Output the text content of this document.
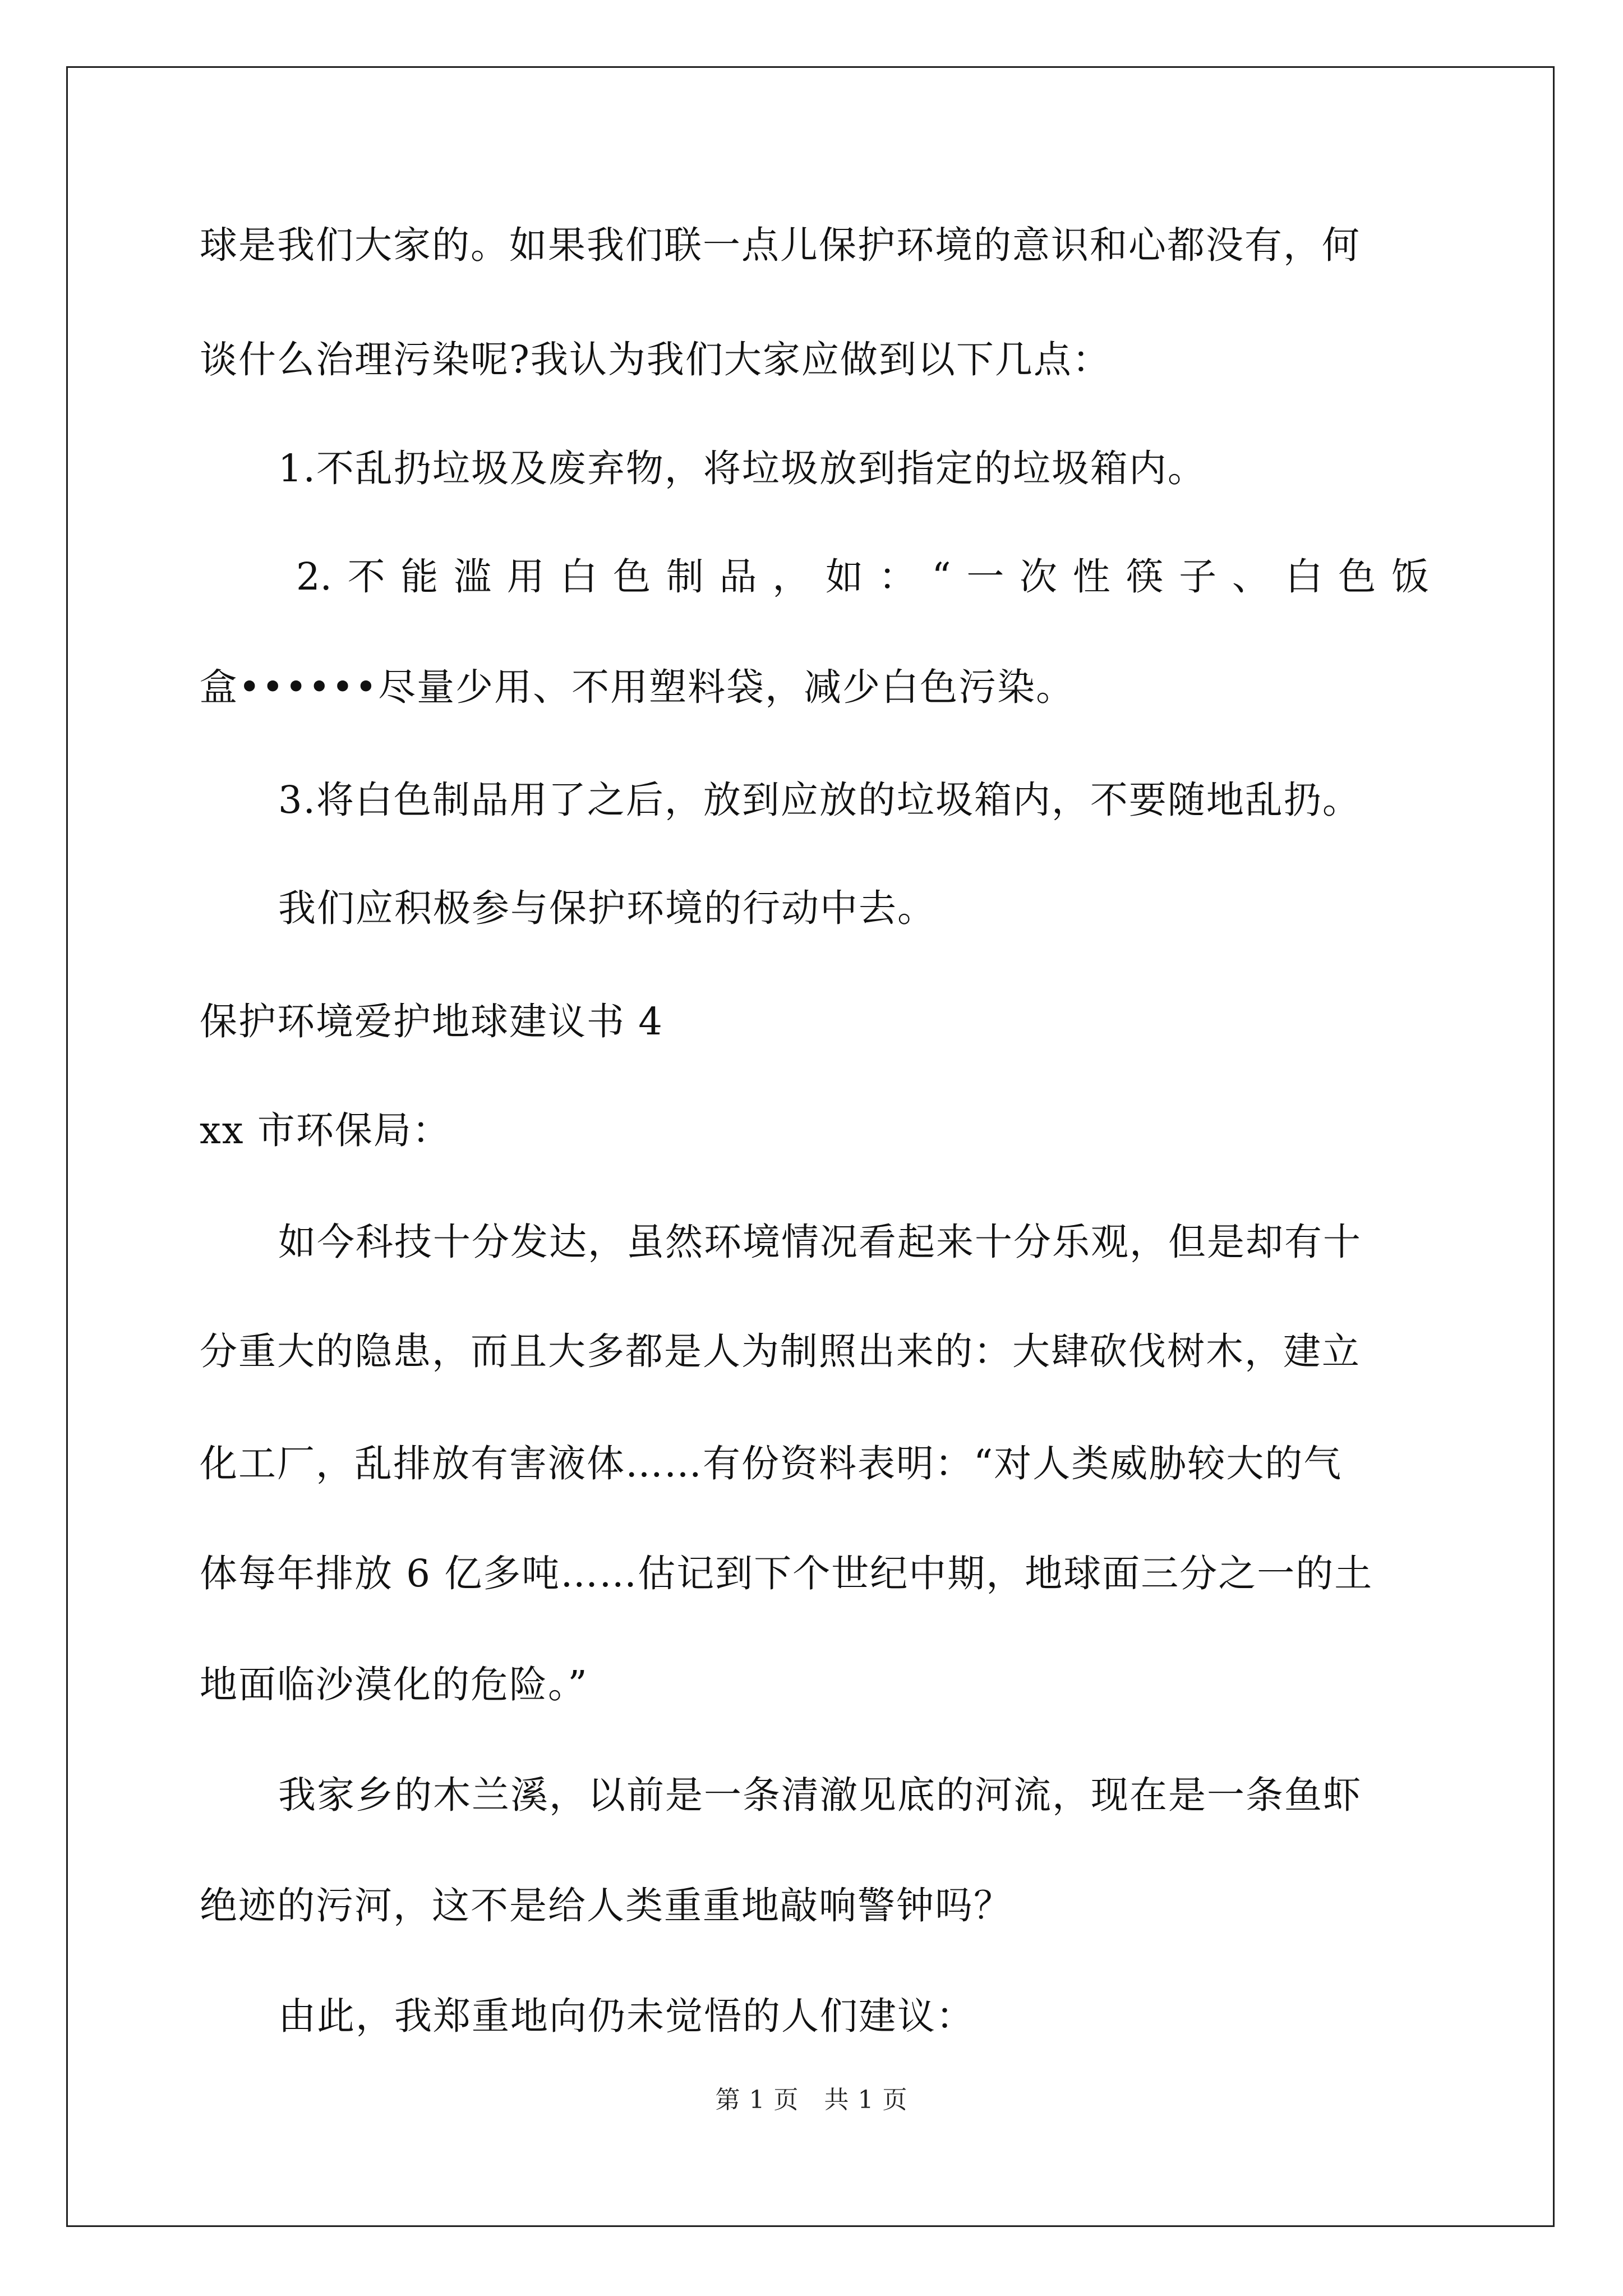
球是我们大家的。如果我们联一点儿保护环境的意识和心都没有，何
谈什么治理污染呢?我认为我们大家应做到以下几点：
1.不乱扔垃圾及废弃物，将垃圾放到指定的垃圾箱内。
2. 不 能 滥 用 白 色 制 品 ， 如 ： “ 一 次 性 筷 子 、 白 色 饭
盒••••••尽量少用、不用塑料袋，减少白色污染。
3.将白色制品用了之后，放到应放的垃圾箱内，不要随地乱扔。
我们应积极参与保护环境的行动中去。
保护环境爱护地球建议书 4
xx 市环保局：
如今科技十分发达，虽然环境情况看起来十分乐观，但是却有十
分重大的隐患，而且大多都是人为制照出来的：大肆砍伐树木，建立
化工厂，乱排放有害液体……有份资料表明：“对人类威胁较大的气
体每年排放 6 亿多吨……估记到下个世纪中期，地球面三分之一的土
地面临沙漠化的危险。”
我家乡的木兰溪，以前是一条清澈见底的河流，现在是一条鱼虾
绝迹的污河，这不是给人类重重地敲响警钟吗？
由此，我郑重地向仍未觉悟的人们建议：
第 1 页　共 1 页
